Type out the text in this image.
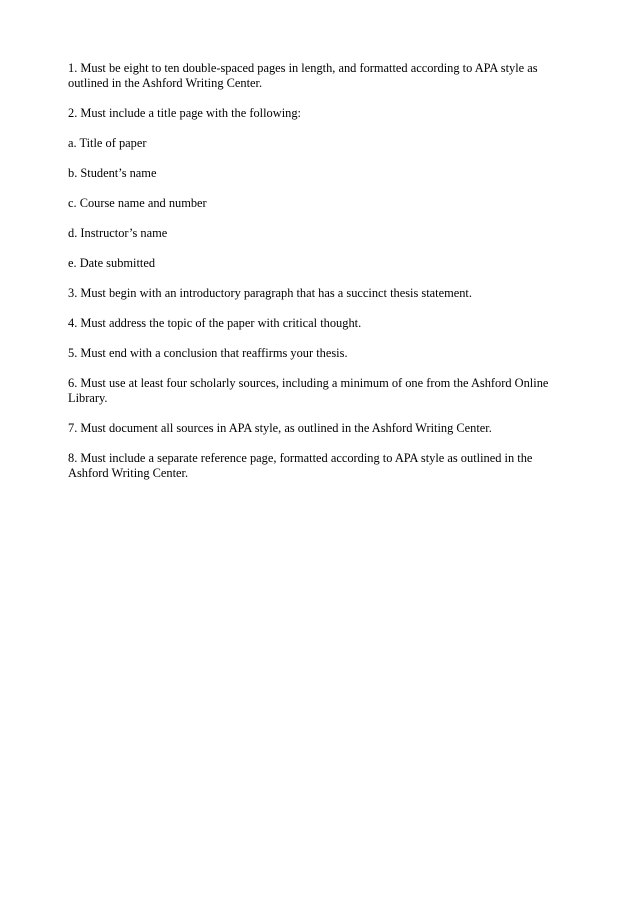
1. Must be eight to ten double-spaced pages in length, and formatted according to APA style as outlined in the Ashford Writing Center.

2. Must include a title page with the following:

a. Title of paper

b. Student’s name

c. Course name and number

d. Instructor’s name

e. Date submitted

3. Must begin with an introductory paragraph that has a succinct thesis statement.

4. Must address the topic of the paper with critical thought.

5. Must end with a conclusion that reaffirms your thesis.

6. Must use at least four scholarly sources, including a minimum of one from the Ashford Online Library.

7. Must document all sources in APA style, as outlined in the Ashford Writing Center.

8. Must include a separate reference page, formatted according to APA style as outlined in the Ashford Writing Center.
